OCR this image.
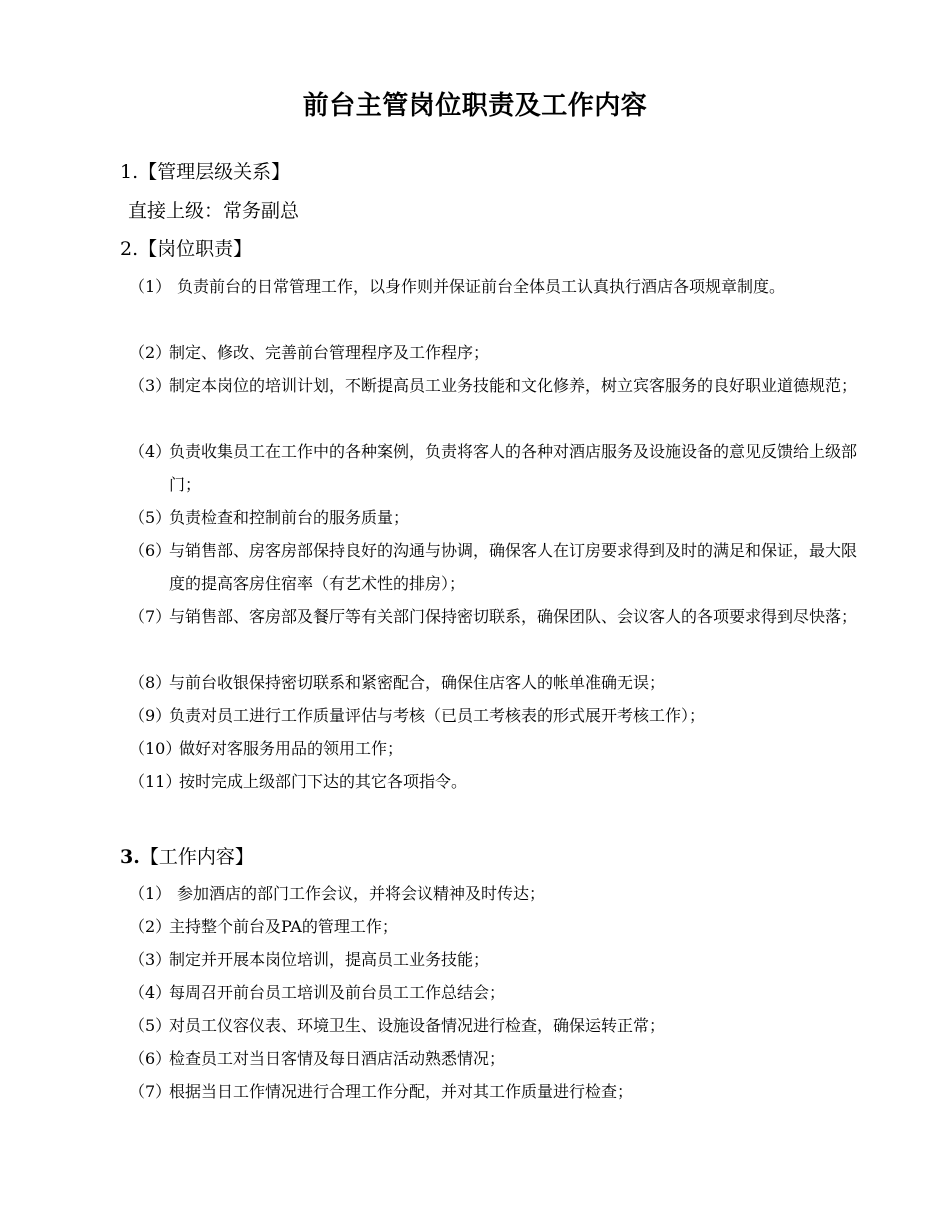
前台主管岗位职责及工作内容
1.【管理层级关系】
直接上级：常务副总
2.【岗位职责】
（1） 负责前台的日常管理工作，以身作则并保证前台全体员工认真执行酒店各项规章制度。
（2）
制定、修改、完善前台管理程序及工作程序；
（3）
制定本岗位的培训计划，不断提高员工业务技能和文化修养，树立宾客服务的良好职业道德规范；
（4）
负责收集员工在工作中的各种案例，负责将客人的各种对酒店服务及设施设备的意见反馈给上级部门；
（5）
负责检查和控制前台的服务质量；
（6）
与销售部、房客房部保持良好的沟通与协调，确保客人在订房要求得到及时的满足和保证，最大限度的提高客房住宿率（有艺术性的排房）；
（7）
与销售部、客房部及餐厅等有关部门保持密切联系，确保团队、会议客人的各项要求得到尽快落；
（8）
与前台收银保持密切联系和紧密配合，确保住店客人的帐单准确无误；
（9）
负责对员工进行工作质量评估与考核（已员工考核表的形式展开考核工作）；
（10）
做好对客服务用品的领用工作；
（11）
按时完成上级部门下达的其它各项指令。
3.【工作内容】
（1） 参加酒店的部门工作会议，并将会议精神及时传达；
（2）
主持整个前台及PA的管理工作；
（3）
制定并开展本岗位培训，提高员工业务技能；
（4）
每周召开前台员工培训及前台员工工作总结会；
（5）
对员工仪容仪表、环境卫生、设施设备情况进行检查，确保运转正常；
（6）
检查员工对当日客情及每日酒店活动熟悉情况；
（7）
根据当日工作情况进行合理工作分配，并对其工作质量进行检查；
